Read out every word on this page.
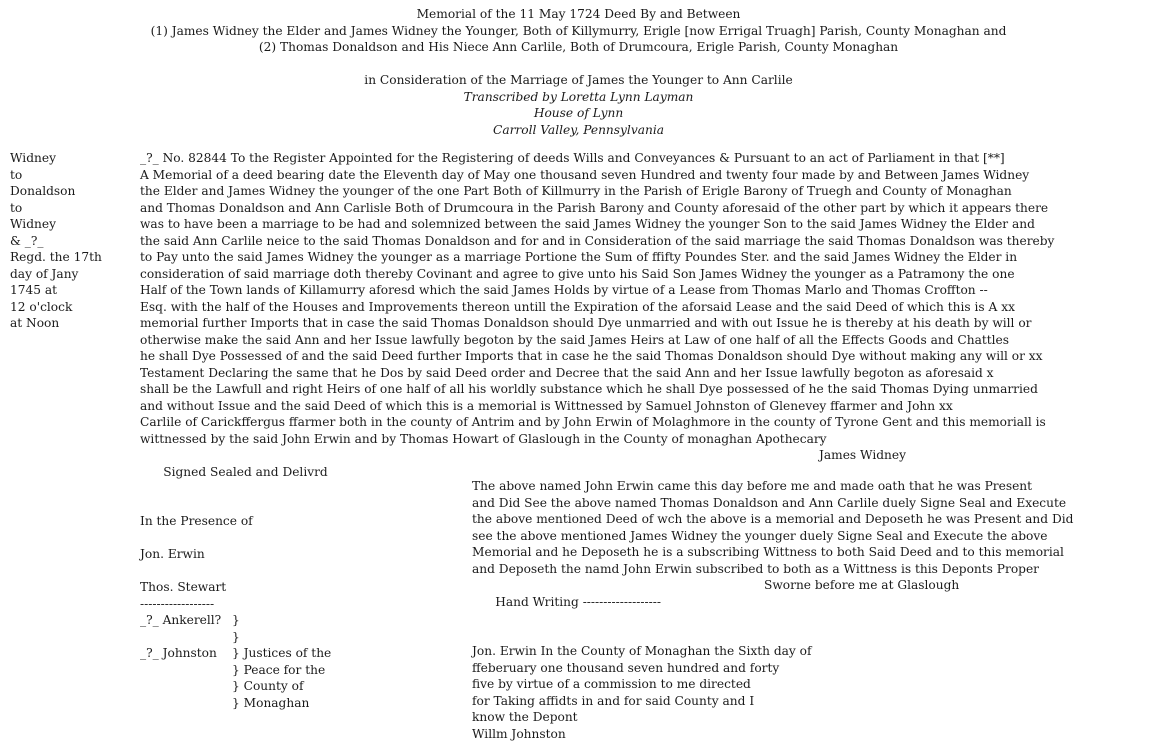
Memorial of the 11 May 1724 Deed By and Between
(1) James Widney the Elder and James Widney the Younger, Both of Killymurry, Erigle [now Errigal Truagh] Parish, County Monaghan and
(2) Thomas Donaldson and His Niece Ann Carlile, Both of Drumcoura, Erigle Parish, County Monaghan
in Consideration of the Marriage of James the Younger to Ann Carlile
Transcribed by Loretta Lynn Layman
House of Lynn
Carroll Valley, Pennsylvania
Widney
to
Donaldson
to
Widney
& _?_
Regd. the 17th
day of Jany
1745 at
12 o'clock
at Noon
_?_ No. 82844 To the Register Appointed for the Registering of deeds Wills and Conveyances & Pursuant to an act of Parliament in that [**]
A Memorial of a deed bearing date the Eleventh day of May one thousand seven Hundred and twenty four made by and Between James Widney
the Elder and James Widney the younger of the one Part Both of Killmurry in the Parish of Erigle Barony of Truegh and County of Monaghan
and Thomas Donaldson and Ann Carlisle Both of Drumcoura in the Parish Barony and County aforesaid of the other part by which it appears there
was to have been a marriage to be had and solemnized between the said James Widney the younger Son to the said James Widney the Elder and
the said Ann Carlile neice to the said Thomas Donaldson and for and in Consideration of the said marriage the said Thomas Donaldson was thereby
to Pay unto the said James Widney the younger as a marriage Portione the Sum of ffifty Poundes Ster. and the said James Widney the Elder in
consideration of said marriage doth thereby Covinant and agree to give unto his Said Son James Widney the younger as a Patramony the one
Half of the Town lands of Killamurry aforesd which the said James Holds by virtue of a Lease from Thomas Marlo and Thomas Croffton --
Esq. with the half of the Houses and Improvements thereon untill the Expiration of the aforsaid Lease and the said Deed of which this is A xx
memorial further Imports that in case the said Thomas Donaldson should Dye unmarried and with out Issue he is thereby at his death by will or
otherwise make the said Ann and her Issue lawfully begoton by the said James Heirs at Law of one half of all the Effects Goods and Chattles
he shall Dye Possessed of and the said Deed further Imports that in case he the said Thomas Donaldson should Dye without making any will or xx
Testament Declaring the same that he Dos by said Deed order and Decree that the said Ann and her Issue lawfully begoton as aforesaid x
shall be the Lawfull and right Heirs of one half of all his worldly substance which he shall Dye possessed of he the said Thomas Dying unmarried
and without Issue and the said Deed of which this is a memorial is Wittnessed by Samuel Johnston of Glenevey ffarmer and John xx
Carlile of Carickffergus ffarmer both in the county of Antrim and by John Erwin of Molaghmore in the county of Tyrone Gent and this memoriall is
wittnessed by the said John Erwin and by Thomas Howart of Glaslough in the County of monaghan Apothecary

Signed Sealed and Delivrd

James Widney

In the Presence of
Jon. Erwin
Thos. Stewart
------------------
_?_ Ankerell? }
}
_?_ Johnston	} Justices of the
} Peace for the
} County of
} Monaghan
The above named John Erwin came this day before me and made oath that he was Present
and Did See the above named Thomas Donaldson and Ann Carlile duely Signe Seal and Execute
the above mentioned Deed of wch the above is a memorial and Deposeth he was Present and Did
see the above mentioned James Widney the younger duely Signe Seal and Execute the above
Memorial and he Deposeth he is a subscribing Wittness to both Said Deed and to this memorial
and Deposeth the namd John Erwin subscribed to both as a Wittness is this Deponts Proper

Hand Writing -------------------

Sworne before me at Glaslough

Jon. Erwin In the County of Monaghan the Sixth day of
ffeberuary one thousand seven hundred and forty
five by virtue of a commission to me directed
for Taking affidts in and for said County and I
know the Depont
Willm Johnston
